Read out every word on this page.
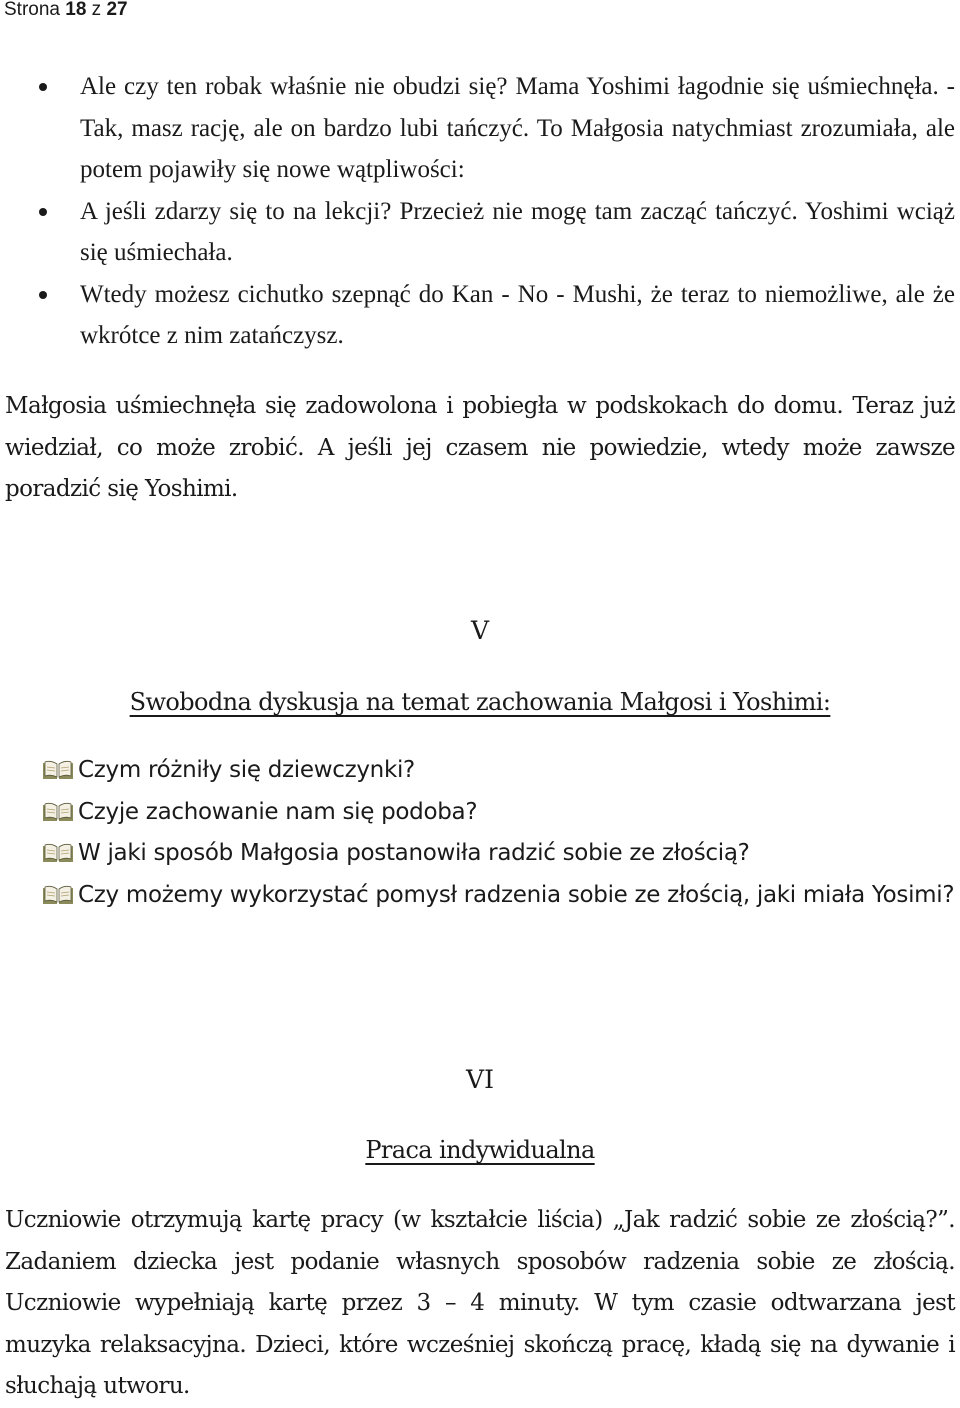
Strona 18 z 27
Ale czy ten robak właśnie nie obudzi się? Mama Yoshimi łagodnie się uśmiechnęła. - Tak, masz rację, ale on bardzo lubi tańczyć. To Małgosia natychmiast zrozumiała, ale potem pojawiły się nowe wątpliwości:
A jeśli zdarzy się to na lekcji? Przecież nie mogę tam zacząć tańczyć. Yoshimi wciąż się uśmiechała.
Wtedy możesz cichutko szepnąć do Kan - No - Mushi, że teraz to niemożliwe, ale że wkrótce z nim zatańczysz.
Małgosia uśmiechnęła się zadowolona i pobiegła w podskokach do domu. Teraz już wiedział, co może zrobić. A jeśli jej czasem nie powiedzie, wtedy może zawsze poradzić się Yoshimi.
V
Swobodna dyskusja na temat zachowania Małgosi i Yoshimi:
Czym różniły się dziewczynki?
Czyje zachowanie nam się podoba?
W jaki sposób Małgosia postanowiła radzić sobie ze złością?
Czy możemy wykorzystać pomysł radzenia sobie ze złością, jaki miała Yosimi?
VI
Praca indywidualna
Uczniowie otrzymują kartę pracy (w kształcie liścia) „Jak radzić sobie ze złością?”. Zadaniem dziecka jest podanie własnych sposobów radzenia sobie ze złością. Uczniowie wypełniają kartę przez 3 – 4 minuty. W tym czasie odtwarzana jest muzyka relaksacyjna. Dzieci, które wcześniej skończą pracę, kładą się na dywanie i słuchają utworu.
